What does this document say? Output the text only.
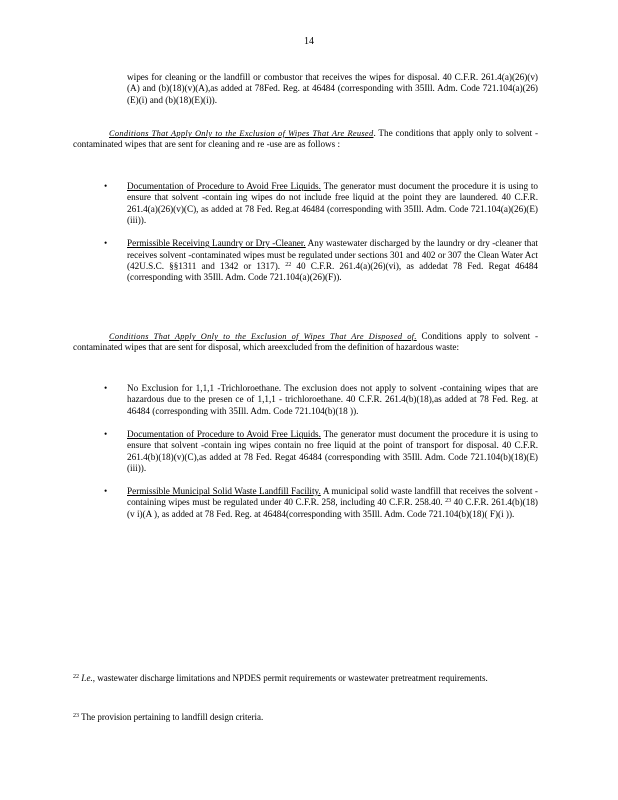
14
wipes for cleaning or the landfill or combustor that receives the wipes for disposal. 40 C.F.R. 261.4(a)(26)(v)(A) and (b)(18)(v)(A),as added at 78Fed. Reg. at 46484 (corresponding with 35Ill. Adm. Code 721.104(a)(26)(E)(i) and (b)(18)(E)(i)).
Conditions That Apply Only to the Exclusion of Wipes That Are Reused. The conditions that apply only to solvent -contaminated wipes that are sent for cleaning and re -use are as follows :
• Documentation of Procedure to Avoid Free Liquids. The generator must document the procedure it is using to ensure that solvent -contain ing wipes do not include free liquid at the point they are laundered. 40 C.F.R. 261.4(a)(26)(v)(C), as added at 78 Fed. Reg.at 46484 (corresponding with 35Ill. Adm. Code 721.104(a)(26)(E)(iii)).
• Permissible Receiving Laundry or Dry -Cleaner. Any wastewater discharged by the laundry or dry -cleaner that receives solvent -contaminated wipes must be regulated under sections 301 and 402 or 307 the Clean Water Act (42U.S.C. §§1311 and 1342 or 1317). $^{22}$ 40 C.F.R. 261.4(a)(26)(vi), as addedat 78 Fed. Regat 46484 (corresponding with 35Ill. Adm. Code 721.104(a)(26)(F)).
Conditions That Apply Only to the Exclusion of Wipes That Are Disposed of. Conditions apply to solvent -contaminated wipes that are sent for disposal, which areexcluded from the definition of hazardous waste:
• No Exclusion for 1,1,1 -Trichloroethane. The exclusion does not apply to solvent -containing wipes that are hazardous due to the presen ce of 1,1,1 - trichloroethane. 40 C.F.R. 261.4(b)(18),as added at 78 Fed. Reg. at 46484 (corresponding with 35Ill. Adm. Code 721.104(b)(18 )).
• Documentation of Procedure to Avoid Free Liquids. The generator must document the procedure it is using to ensure that solvent -contain ing wipes contain no free liquid at the point of transport for disposal. 40 C.F.R. 261.4(b)(18)(v)(C),as added at 78 Fed. Regat 46484 (corresponding with 35Ill. Adm. Code 721.104(b)(18)(E)(iii)).
• Permissible Municipal Solid Waste Landfill Facility. A municipal solid waste landfill that receives the solvent -containing wipes must be regulated under 40 C.F.R. 258, including 40 C.F.R. 258.40. $^{23}$ 40 C.F.R. 261.4(b)(18)(v i)(A ), as added at 78 Fed. Reg. at 46484(corresponding with 35Ill. Adm. Code 721.104(b)(18)( F)(i )).
$^{22}$ I.e., wastewater discharge limitations and NPDES permit requirements or wastewater pretreatment requirements.
$^{23}$ The provision pertaining to landfill design criteria.
